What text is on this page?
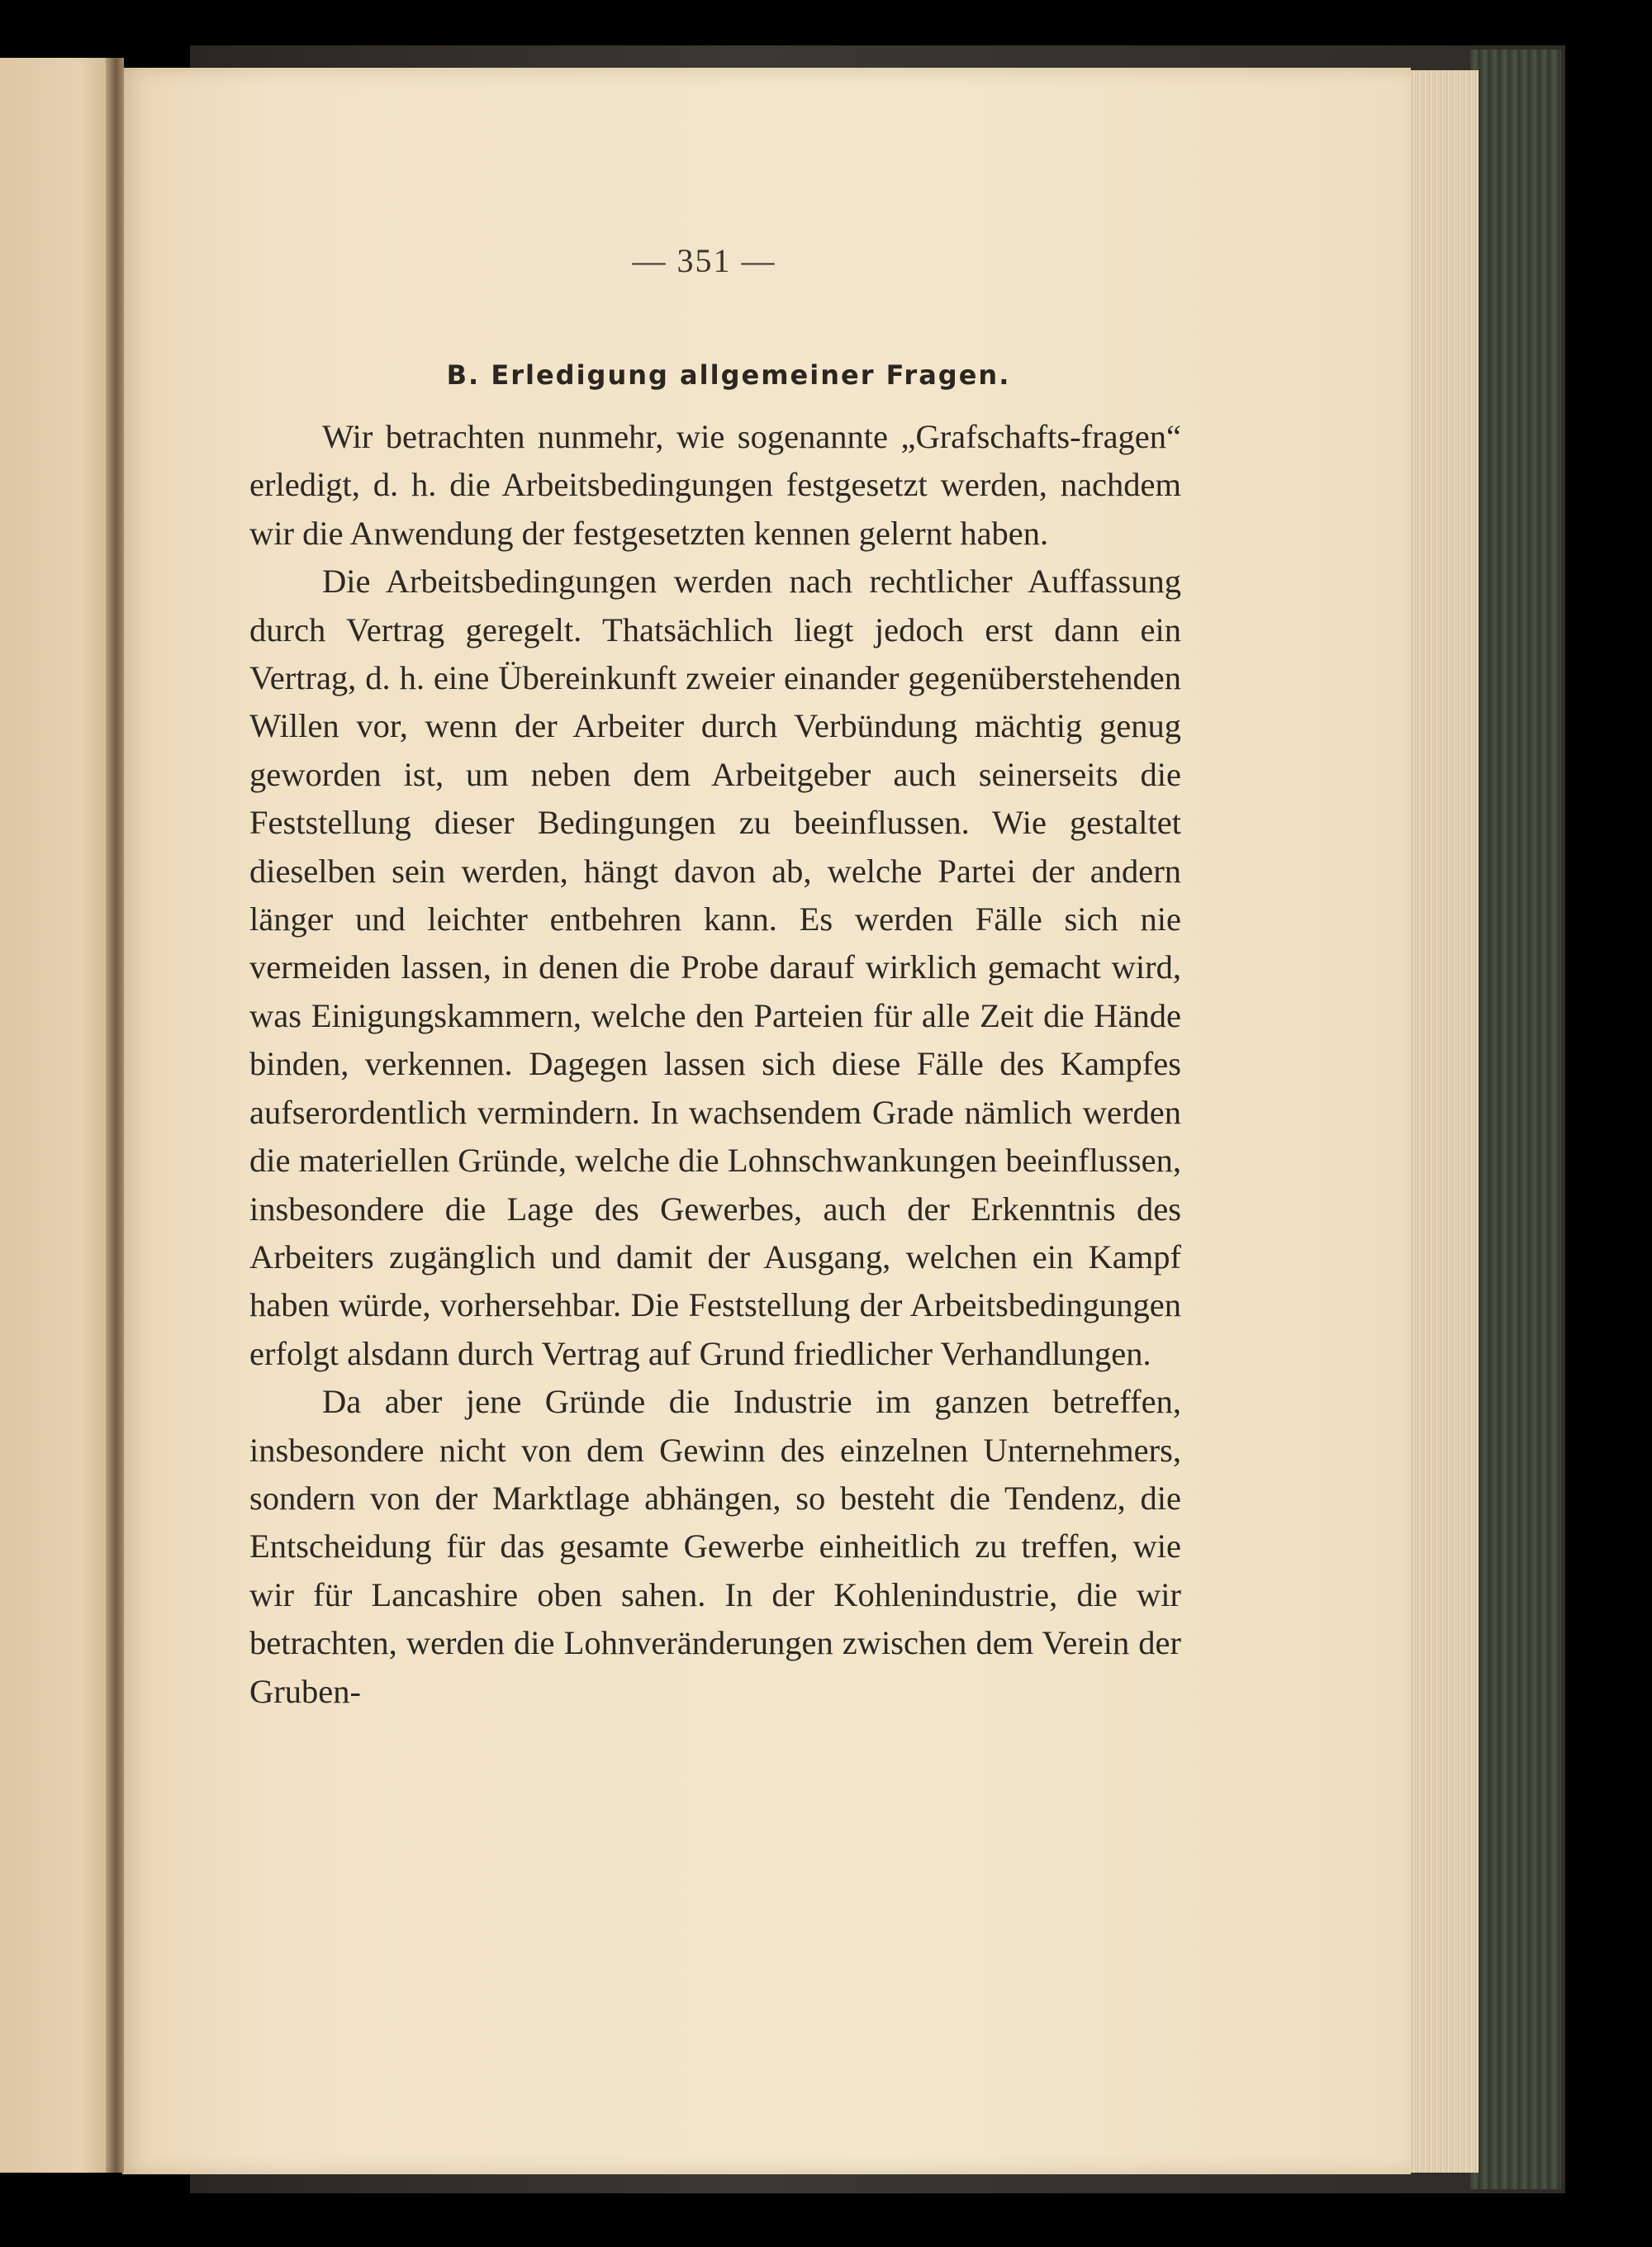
— 351 —

B. Erledigung allgemeiner Fragen.

Wir betrachten nunmehr, wie sogenannte „Grafschafts-fragen“ erledigt, d. h. die Arbeitsbedingungen festgesetzt werden, nachdem wir die Anwendung der festgesetzten kennen gelernt haben.

Die Arbeitsbedingungen werden nach rechtlicher Auffassung durch Vertrag geregelt. Thatsächlich liegt jedoch erst dann ein Vertrag, d. h. eine Übereinkunft zweier einander gegenüberstehenden Willen vor, wenn der Arbeiter durch Verbündung mächtig genug geworden ist, um neben dem Arbeitgeber auch seinerseits die Feststellung dieser Bedingungen zu beeinflussen. Wie gestaltet dieselben sein werden, hängt davon ab, welche Partei der andern länger und leichter entbehren kann. Es werden Fälle sich nie vermeiden lassen, in denen die Probe darauf wirklich gemacht wird, was Einigungskammern, welche den Parteien für alle Zeit die Hände binden, verkennen. Dagegen lassen sich diese Fälle des Kampfes aufserordentlich vermindern. In wachsendem Grade nämlich werden die materiellen Gründe, welche die Lohnschwankungen beeinflussen, insbesondere die Lage des Gewerbes, auch der Erkenntnis des Arbeiters zugänglich und damit der Ausgang, welchen ein Kampf haben würde, vorhersehbar. Die Feststellung der Arbeitsbedingungen erfolgt alsdann durch Vertrag auf Grund friedlicher Verhandlungen.

Da aber jene Gründe die Industrie im ganzen betreffen, insbesondere nicht von dem Gewinn des einzelnen Unternehmers, sondern von der Marktlage abhängen, so besteht die Tendenz, die Entscheidung für das gesamte Gewerbe einheitlich zu treffen, wie wir für Lancashire oben sahen. In der Kohlenindustrie, die wir betrachten, werden die Lohnveränderungen zwischen dem Verein der Gruben-
